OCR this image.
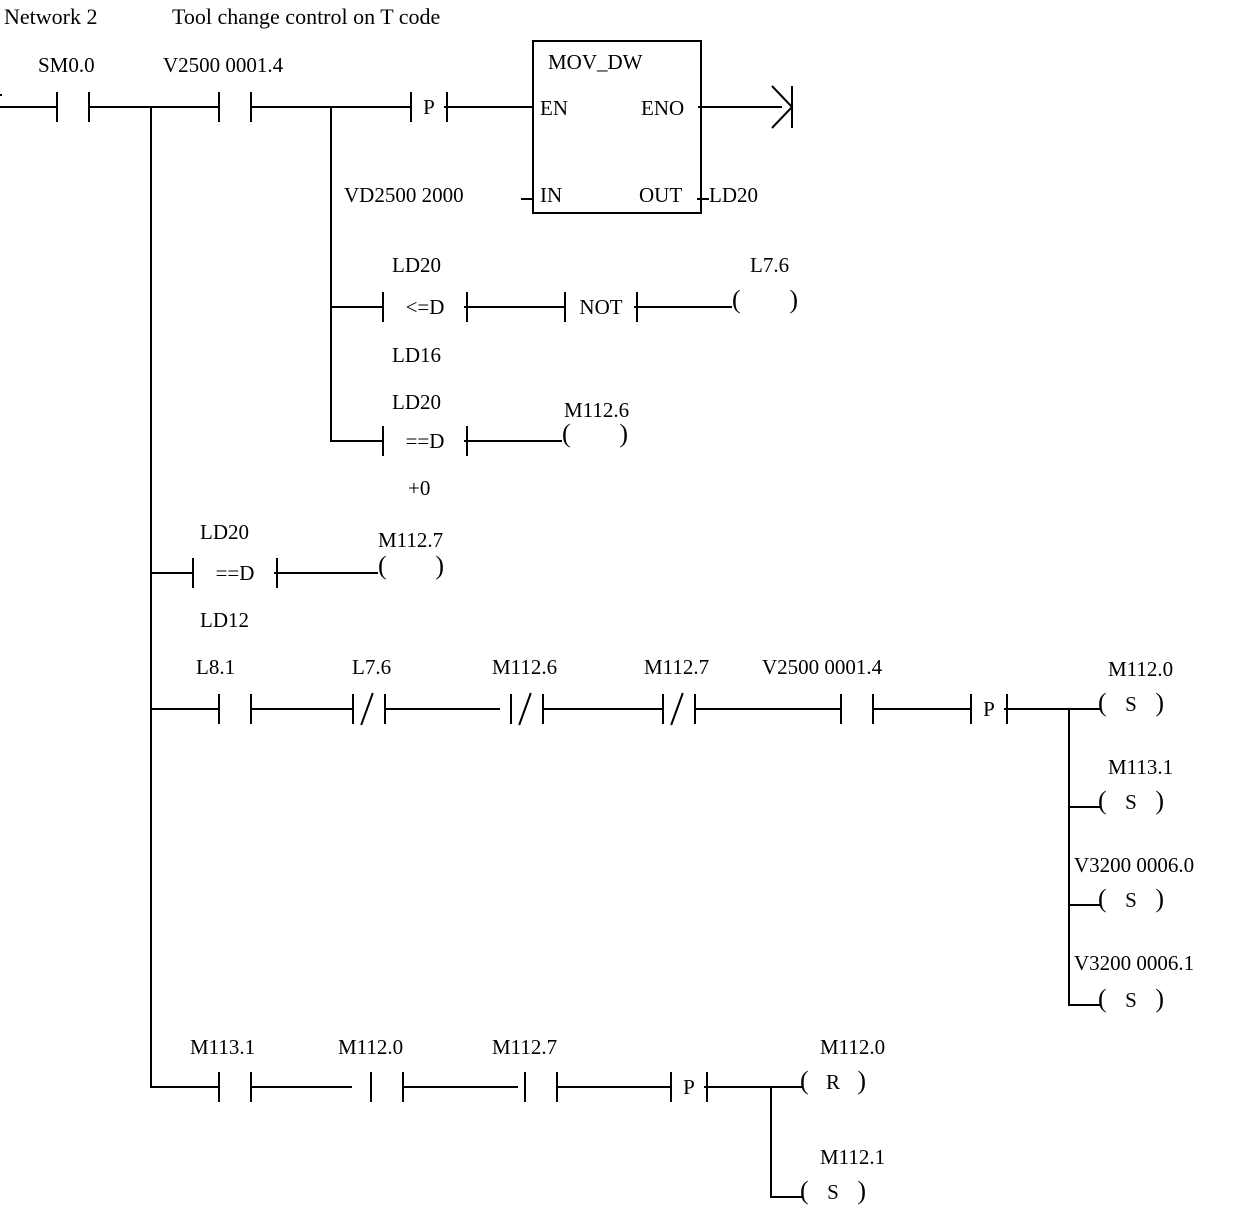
Network 2	Tool change control on T code
SM0.0	V2500 0001.4
P
MOV_DW
EN	ENO
IN	OUT
VD2500 2000	LD20
LD20
<=D
LD16
NOT
L7.6
( )
LD20
==D
+0
M112.6
( )
LD20
==D
LD12
M112.7
( )
L8.1	L7.6	M112.6	M112.7	V2500 0001.4
P
M112.0
( S )
M113.1
( S )
V3200 0006.0
( S )
V3200 0006.1
( S )
M113.1	M112.0	M112.7
P
M112.0
( R )
M112.1
( S )
